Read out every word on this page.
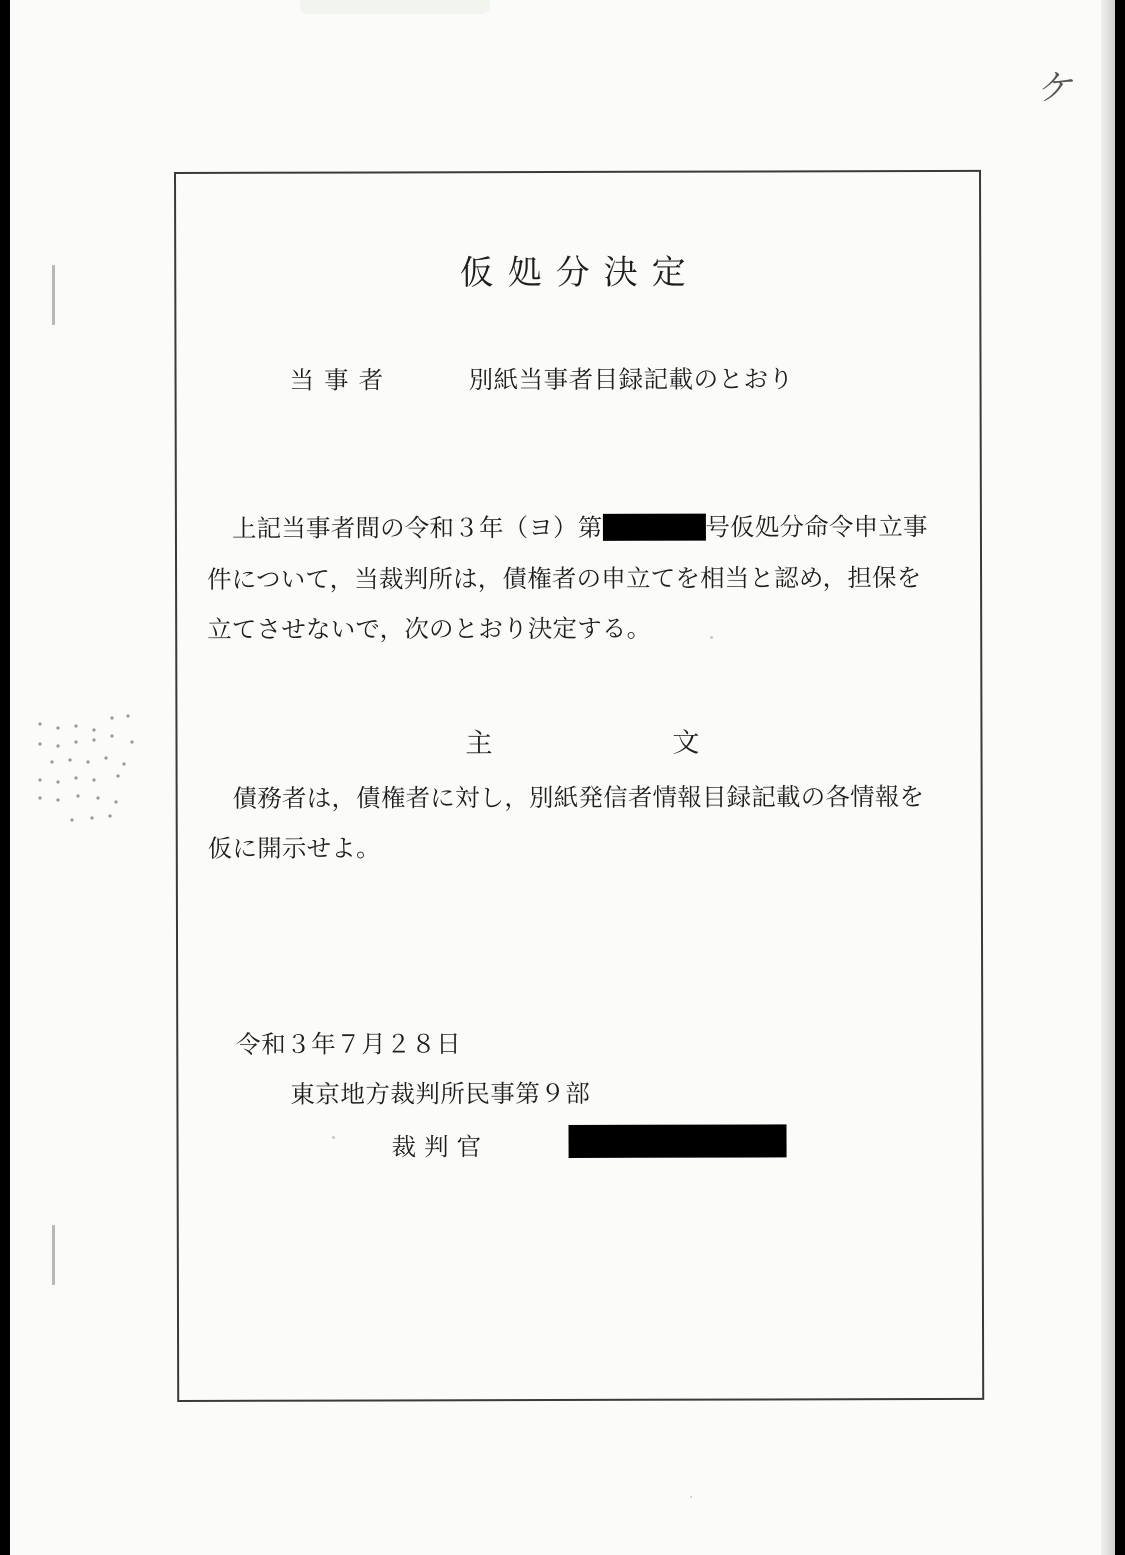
ケ
仮処分決定
当事者	別紙当事者目録記載のとおり
上記当事者間の令和３年（ヨ）第	号仮処分命令申立事
件について，当裁判所は，債権者の申立てを相当と認め，担保を
立てさせないで，次のとおり決定する。
主	文
債務者は，債権者に対し，別紙発信者情報目録記載の各情報を
仮に開示せよ。
令和３年７月２８日
東京地方裁判所民事第９部
裁判官
